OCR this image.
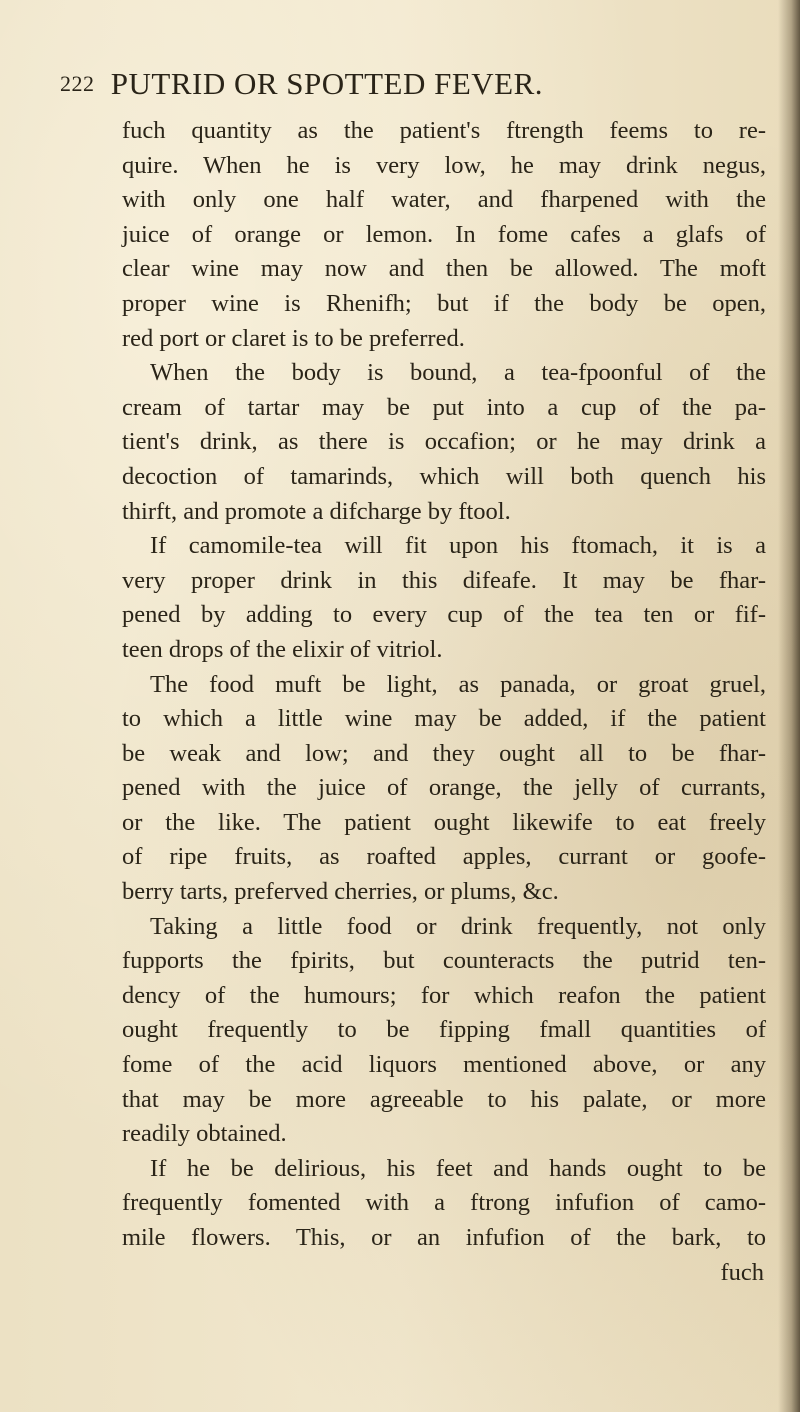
222 PUTRID OR SPOTTED FEVER.
fuch quantity as the patient's ftrength feems to re-
quire. When he is very low, he may drink negus,
with only one half water, and fharpened with the
juice of orange or lemon. In fome cafes a glafs of
clear wine may now and then be allowed. The moft
proper wine is Rhenifh; but if the body be open,
red port or claret is to be preferred.
When the body is bound, a tea-fpoonful of the
cream of tartar may be put into a cup of the pa-
tient's drink, as there is occafion; or he may drink a
decoction of tamarinds, which will both quench his
thirft, and promote a difcharge by ftool.
If camomile-tea will fit upon his ftomach, it is a
very proper drink in this difeafe. It may be fhar-
pened by adding to every cup of the tea ten or fif-
teen drops of the elixir of vitriol.
The food muft be light, as panada, or groat gruel,
to which a little wine may be added, if the patient
be weak and low; and they ought all to be fhar-
pened with the juice of orange, the jelly of currants,
or the like. The patient ought likewife to eat freely
of ripe fruits, as roafted apples, currant or goofe-
berry tarts, preferved cherries, or plums, &c.
Taking a little food or drink frequently, not only
fupports the fpirits, but counteracts the putrid ten-
dency of the humours; for which reafon the patient
ought frequently to be fipping fmall quantities of
fome of the acid liquors mentioned above, or any
that may be more agreeable to his palate, or more
readily obtained.
If he be delirious, his feet and hands ought to be
frequently fomented with a ftrong infufion of camo-
mile flowers. This, or an infufion of the bark, to
fuch
